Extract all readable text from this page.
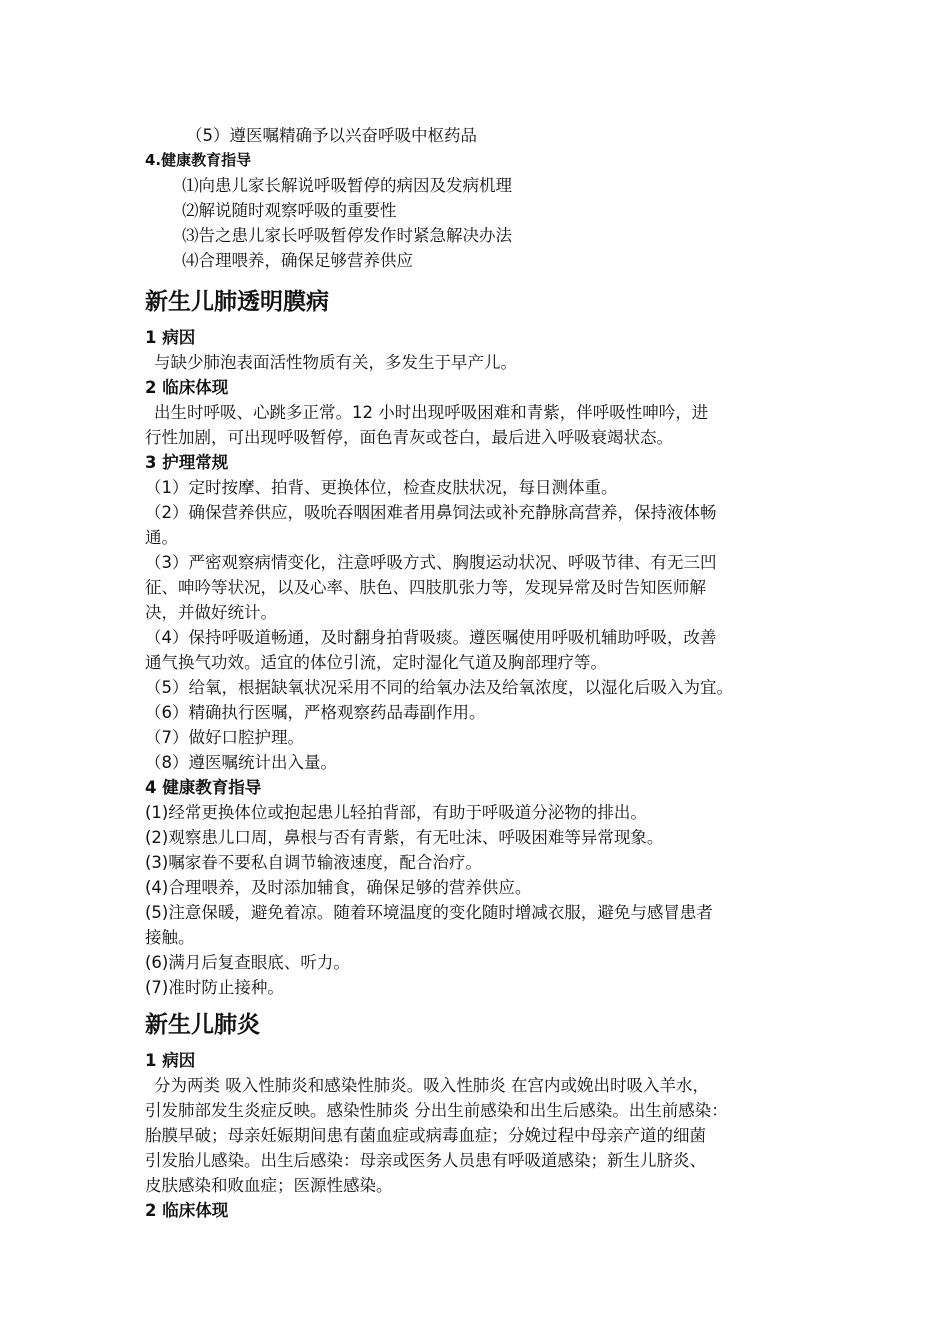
（5）遵医嘱精确予以兴奋呼吸中枢药品
4.健康教育指导
⑴向患儿家长解说呼吸暂停的病因及发病机理
⑵解说随时观察呼吸的重要性
⑶告之患儿家长呼吸暂停发作时紧急解决办法
⑷合理喂养，确保足够营养供应
新生儿肺透明膜病
1 病因
与缺少肺泡表面活性物质有关，多发生于早产儿。
2 临床体现
出生时呼吸、心跳多正常。12 小时出现呼吸困难和青紫，伴呼吸性呻吟，进
行性加剧，可出现呼吸暂停，面色青灰或苍白，最后进入呼吸衰竭状态。
3 护理常规
（1）定时按摩、拍背、更换体位，检查皮肤状况，每日测体重。
（2）确保营养供应，吸吮吞咽困难者用鼻饲法或补充静脉高营养，保持液体畅
通。
（3）严密观察病情变化，注意呼吸方式、胸腹运动状况、呼吸节律、有无三凹
征、呻吟等状况，以及心率、肤色、四肢肌张力等，发现异常及时告知医师解
决，并做好统计。
（4）保持呼吸道畅通，及时翻身拍背吸痰。遵医嘱使用呼吸机辅助呼吸，改善
通气换气功效。适宜的体位引流，定时湿化气道及胸部理疗等。
（5）给氧，根据缺氧状况采用不同的给氧办法及给氧浓度，以湿化后吸入为宜。
（6）精确执行医嘱，严格观察药品毒副作用。
（7）做好口腔护理。
（8）遵医嘱统计出入量。
4 健康教育指导
(1)经常更换体位或抱起患儿轻拍背部，有助于呼吸道分泌物的排出。
(2)观察患儿口周，鼻根与否有青紫，有无吐沫、呼吸困难等异常现象。
(3)嘱家眷不要私自调节输液速度，配合治疗。
(4)合理喂养，及时添加辅食，确保足够的营养供应。
(5)注意保暖，避免着凉。随着环境温度的变化随时增减衣服，避免与感冒患者
接触。
(6)满月后复查眼底、听力。
(7)准时防止接种。
新生儿肺炎
1 病因
分为两类 吸入性肺炎和感染性肺炎。吸入性肺炎 在宫内或娩出时吸入羊水，
引发肺部发生炎症反映。感染性肺炎 分出生前感染和出生后感染。出生前感染：
胎膜早破；母亲妊娠期间患有菌血症或病毒血症；分娩过程中母亲产道的细菌
引发胎儿感染。出生后感染：母亲或医务人员患有呼吸道感染；新生儿脐炎、
皮肤感染和败血症；医源性感染。
2 临床体现
